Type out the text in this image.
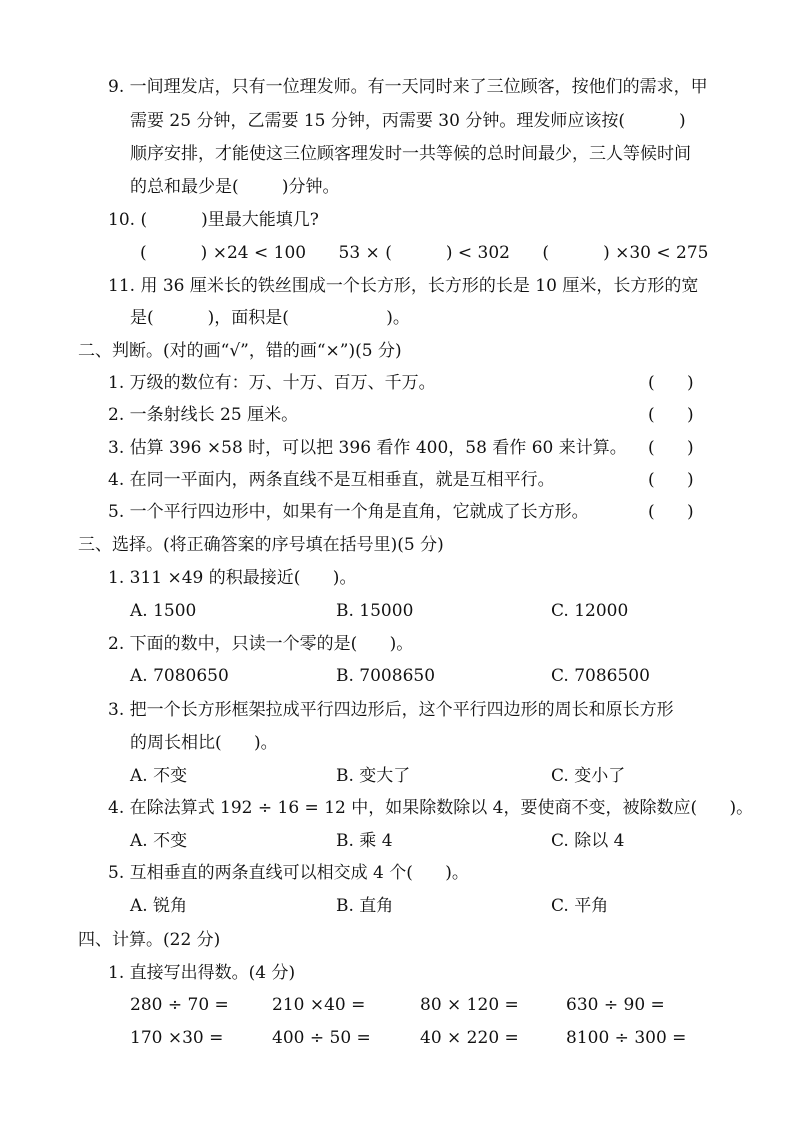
9. 一间理发店，只有一位理发师。有一天同时来了三位顾客，按他们的需求，甲
需要 25 分钟，乙需要 15 分钟，丙需要 30 分钟。理发师应该按(          )
顺序安排，才能使这三位顾客理发时一共等候的总时间最少，三人等候时间
的总和最少是(        )分钟。
10. (          )里最大能填几?
(          ) ×24 < 100      53 × (          ) < 302      (          ) ×30 < 275
11. 用 36 厘米长的铁丝围成一个长方形，长方形的长是 10 厘米，长方形的宽
是(          )，面积是(                  )。
二、判断。(对的画“√”，错的画“×”)(5 分)
1. 万级的数位有：万、十万、百万、千万。	(      )
2. 一条射线长 25 厘米。	(      )
3. 估算 396 ×58 时，可以把 396 看作 400，58 看作 60 来计算。 (      )
4. 在同一平面内，两条直线不是互相垂直，就是互相平行。	(      )
5. 一个平行四边形中，如果有一个角是直角，它就成了长方形。	(      )
三、选择。(将正确答案的序号填在括号里)(5 分)
1. 311 ×49 的积最接近(      )。
A. 1500	B. 15000	C. 12000
2. 下面的数中，只读一个零的是(      )。
A. 7080650	B. 7008650	C. 7086500
3. 把一个长方形框架拉成平行四边形后，这个平行四边形的周长和原长方形
的周长相比(      )。
A. 不变	B. 变大了	C. 变小了
4. 在除法算式 192 ÷ 16 = 12 中，如果除数除以 4，要使商不变，被除数应(      )。
A. 不变	B. 乘 4	C. 除以 4
5. 互相垂直的两条直线可以相交成 4 个(      )。
A. 锐角	B. 直角	C. 平角
四、计算。(22 分)
1. 直接写出得数。(4 分)
280 ÷ 70 =	210 ×40 =	80 × 120 =	630 ÷ 90 =
170 ×30 =	400 ÷ 50 =	40 × 220 =	8100 ÷ 300 =
